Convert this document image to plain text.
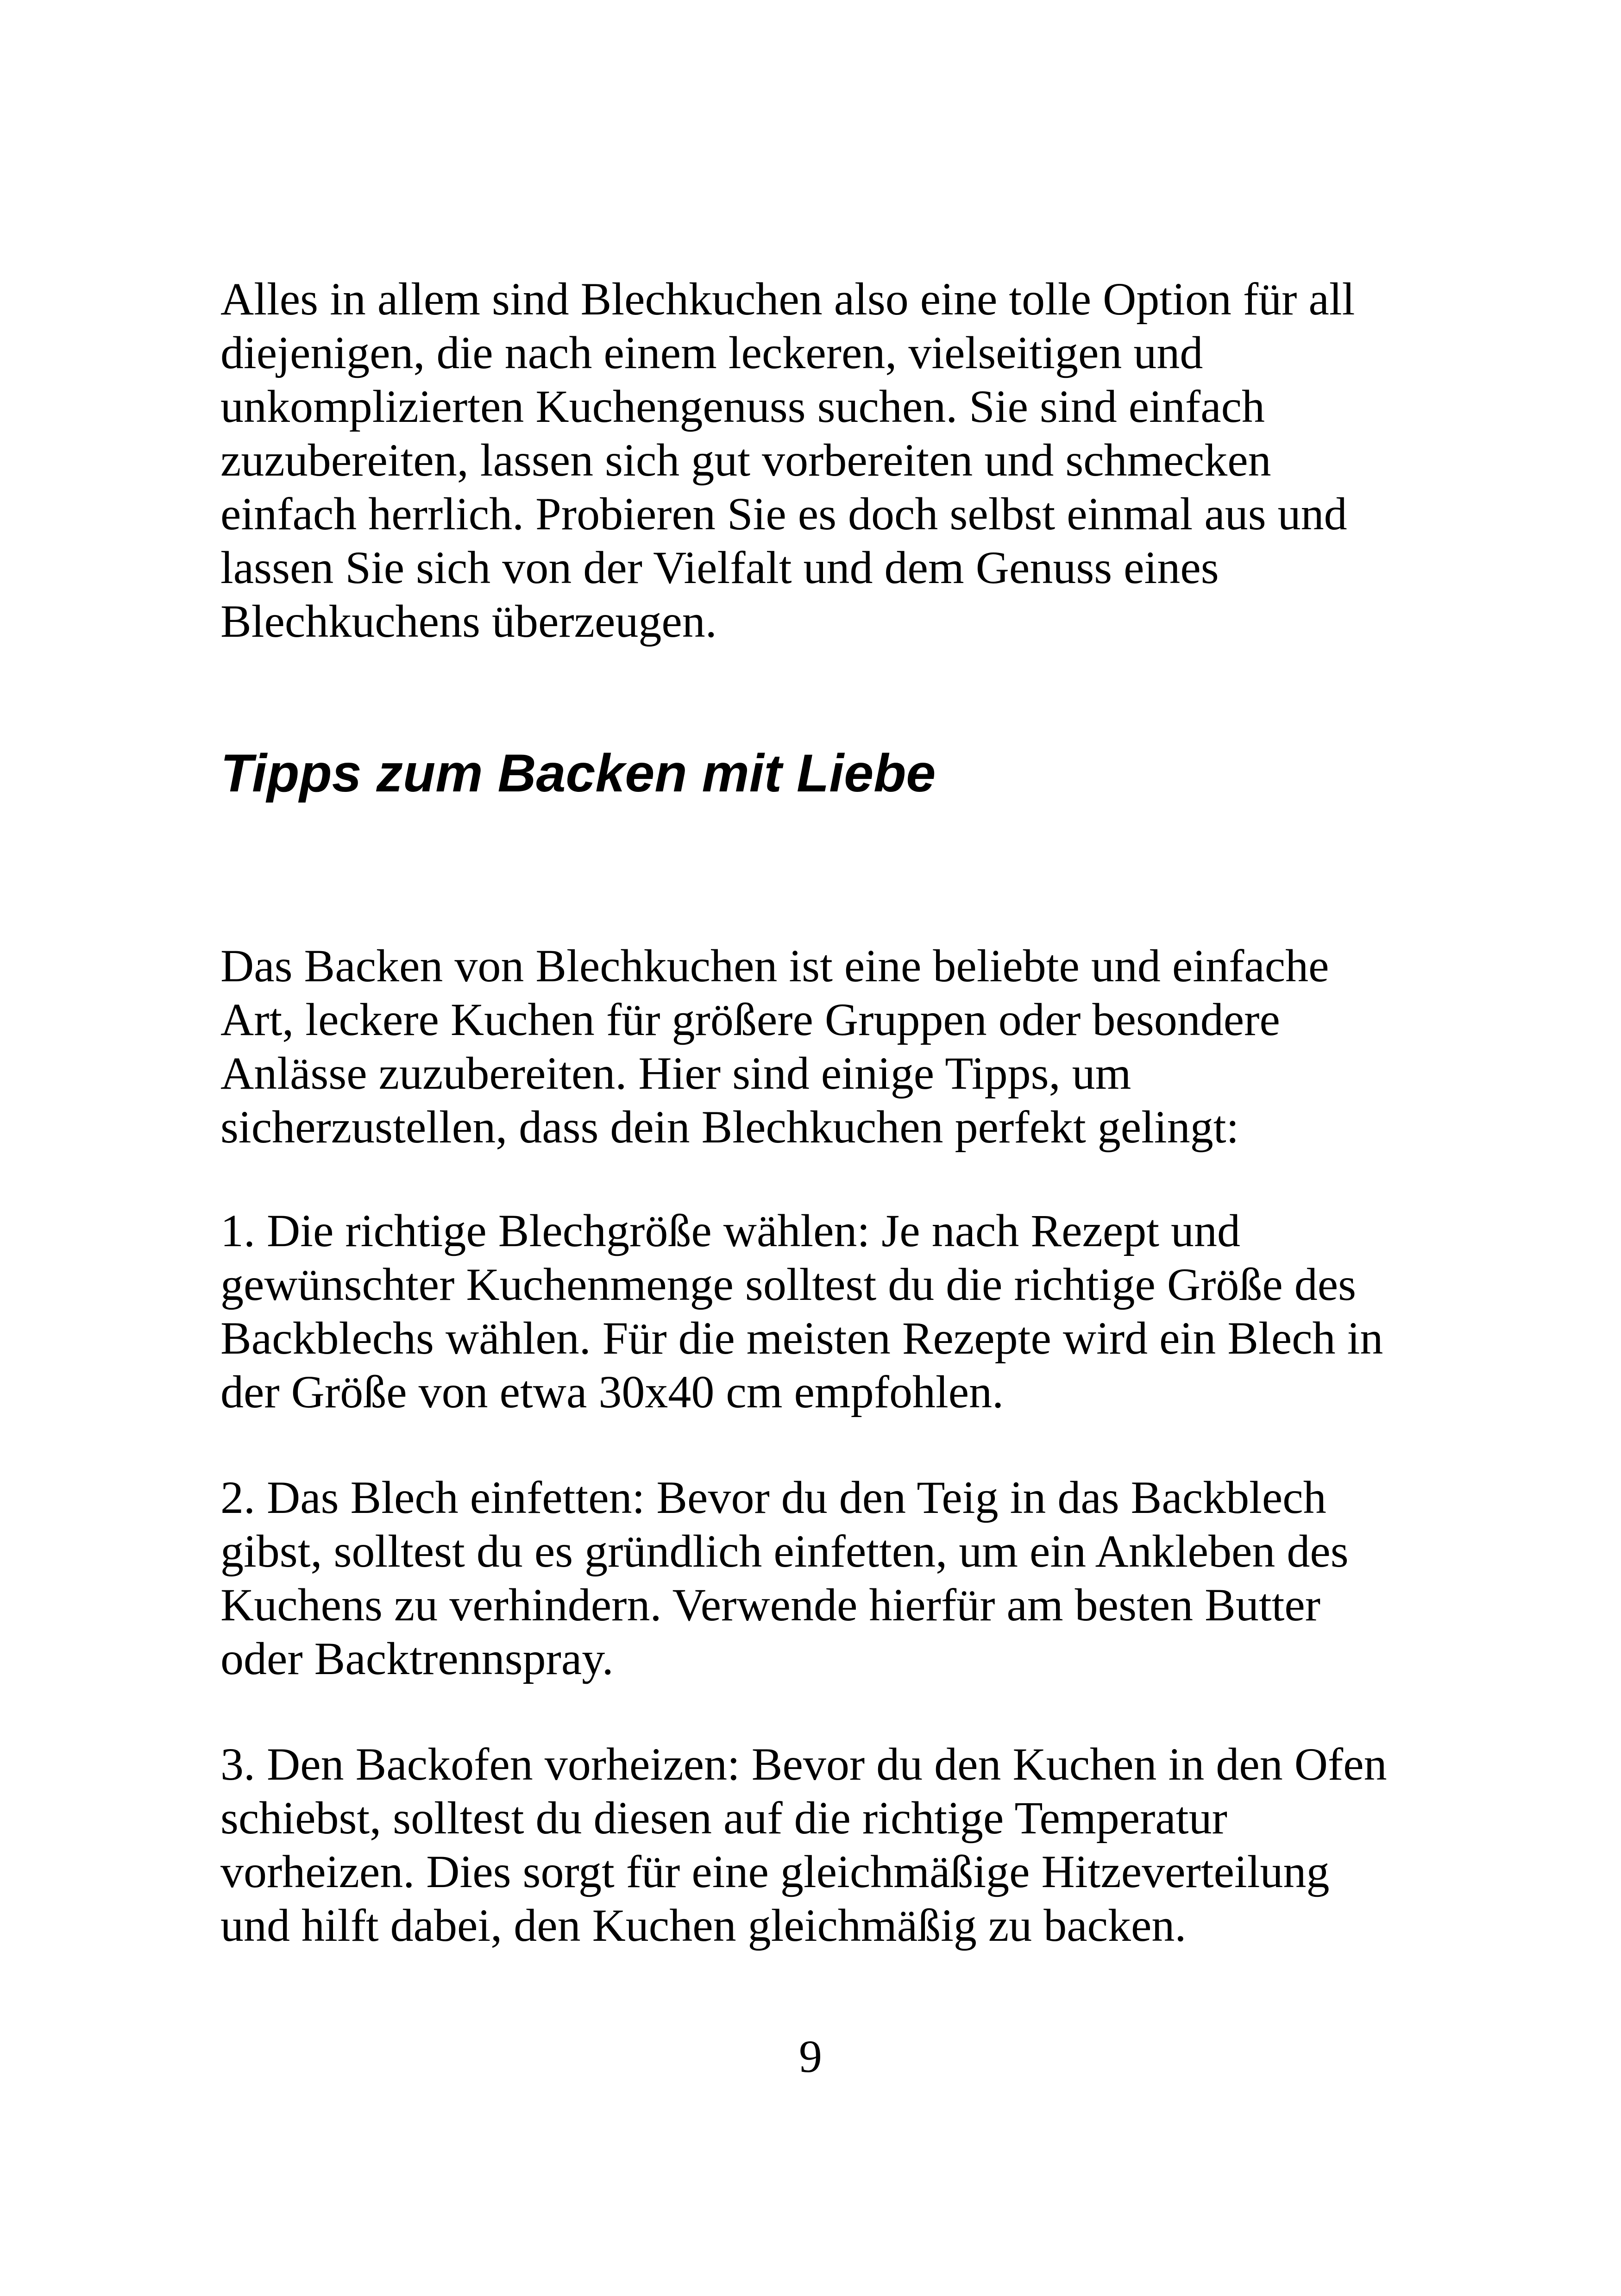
Alles in allem sind Blechkuchen also eine tolle Option für all
diejenigen, die nach einem leckeren, vielseitigen und
unkomplizierten Kuchengenuss suchen. Sie sind einfach
zuzubereiten, lassen sich gut vorbereiten und schmecken
einfach herrlich. Probieren Sie es doch selbst einmal aus und
lassen Sie sich von der Vielfalt und dem Genuss eines
Blechkuchens überzeugen.

Tipps zum Backen mit Liebe

Das Backen von Blechkuchen ist eine beliebte und einfache
Art, leckere Kuchen für größere Gruppen oder besondere
Anlässe zuzubereiten. Hier sind einige Tipps, um
sicherzustellen, dass dein Blechkuchen perfekt gelingt:

1. Die richtige Blechgröße wählen: Je nach Rezept und
gewünschter Kuchenmenge solltest du die richtige Größe des
Backblechs wählen. Für die meisten Rezepte wird ein Blech in
der Größe von etwa 30x40 cm empfohlen.

2. Das Blech einfetten: Bevor du den Teig in das Backblech
gibst, solltest du es gründlich einfetten, um ein Ankleben des
Kuchens zu verhindern. Verwende hierfür am besten Butter
oder Backtrennspray.

3. Den Backofen vorheizen: Bevor du den Kuchen in den Ofen
schiebst, solltest du diesen auf die richtige Temperatur
vorheizen. Dies sorgt für eine gleichmäßige Hitzeverteilung
und hilft dabei, den Kuchen gleichmäßig zu backen.

9
